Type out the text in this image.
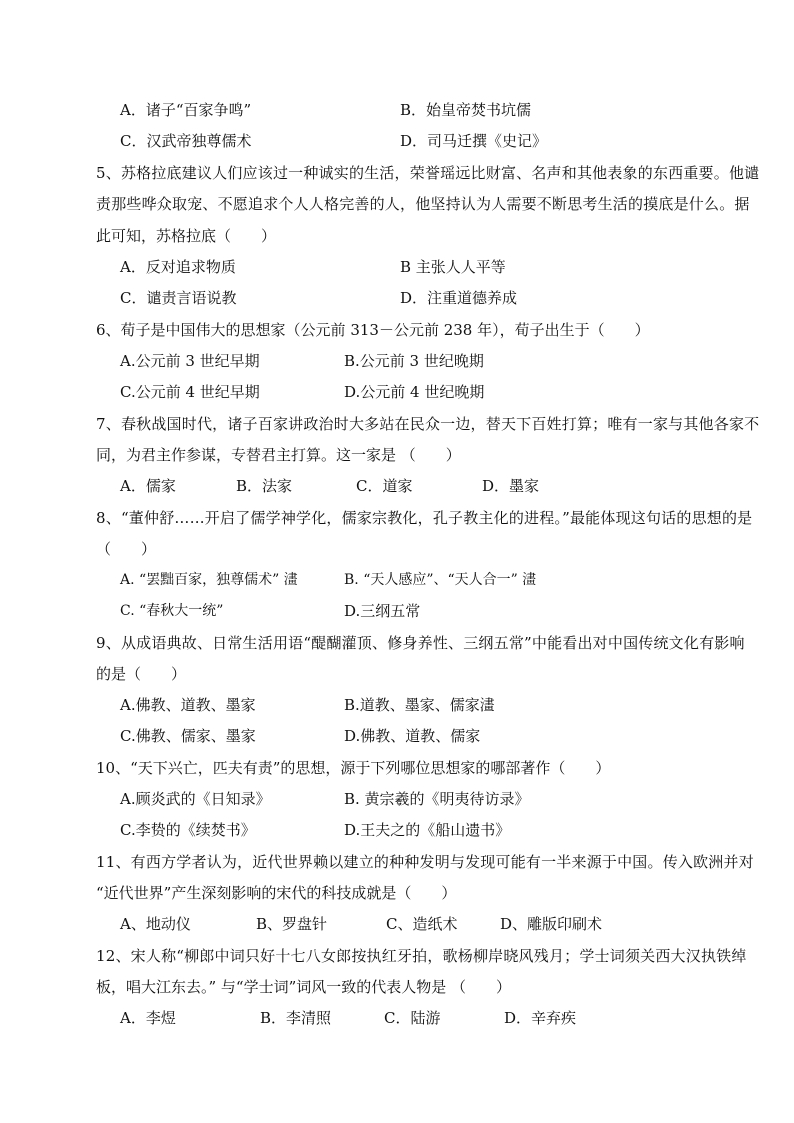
A．诸子“百家争鸣”	B．始皇帝焚书坑儒
C．汉武帝独尊儒术	D．司马迁撰《史记》
5、苏格拉底建议人们应该过一种诚实的生活，荣誉瑶远比财富、名声和其他表象的东西重要。他谴
责那些哗众取宠、不愿追求个人人格完善的人，他坚持认为人需要不断思考生活的摸底是什么。据
此可知，苏格拉底（　　）
A．反对追求物质	B 主张人人平等
C．谴责言语说教	D．注重道德养成
6、荀子是中国伟大的思想家（公元前 313－公元前 238 年），荀子出生于（　　）
A.公元前 3 世纪早期	B.公元前 3 世纪晚期
C.公元前 4 世纪早期	D.公元前 4 世纪晚期
7、春秋战国时代，诸子百家讲政治时大多站在民众一边，替天下百姓打算；唯有一家与其他各家不
同，为君主作参谋，专替君主打算。这一家是 （　　）
A．儒家	B．法家	C．道家	D．墨家
8、“董仲舒……开启了儒学神学化，儒家宗教化，孔子教主化的进程。”最能体现这句话的思想的是
（　　）
A. “罢黜百家，独尊儒术” 澅	B. “天人感应”、“天人合一” 澅
C. “春秋大一统”	D.三纲五常
9、从成语典故、日常生活用语“醍醐灌顶、修身养性、三纲五常”中能看出对中国传统文化有影响
的是（　　）
A.佛教、道教、墨家	B.道教、墨家、儒家澅
C.佛教、儒家、墨家	D.佛教、道教、儒家
10、“天下兴亡，匹夫有责”的思想，源于下列哪位思想家的哪部著作（　　）
A.顾炎武的《日知录》	B. 黄宗羲的《明夷待访录》
C.李贽的《续焚书》	D.王夫之的《船山遗书》
11、有西方学者认为，近代世界赖以建立的种种发明与发现可能有一半来源于中国。传入欧洲并对
“近代世界”产生深刻影响的宋代的科技成就是（　　）
A、地动仪	B、罗盘针	C、造纸术	D、雕版印刷术
12、宋人称“柳郎中词只好十七八女郎按执红牙拍，歌杨柳岸晓风残月；学士词须关西大汉执铁绰
板，唱大江东去。” 与“学士词”词风一致的代表人物是 （　　）
A．李煜	B．李清照	C．陆游	D．辛弃疾
